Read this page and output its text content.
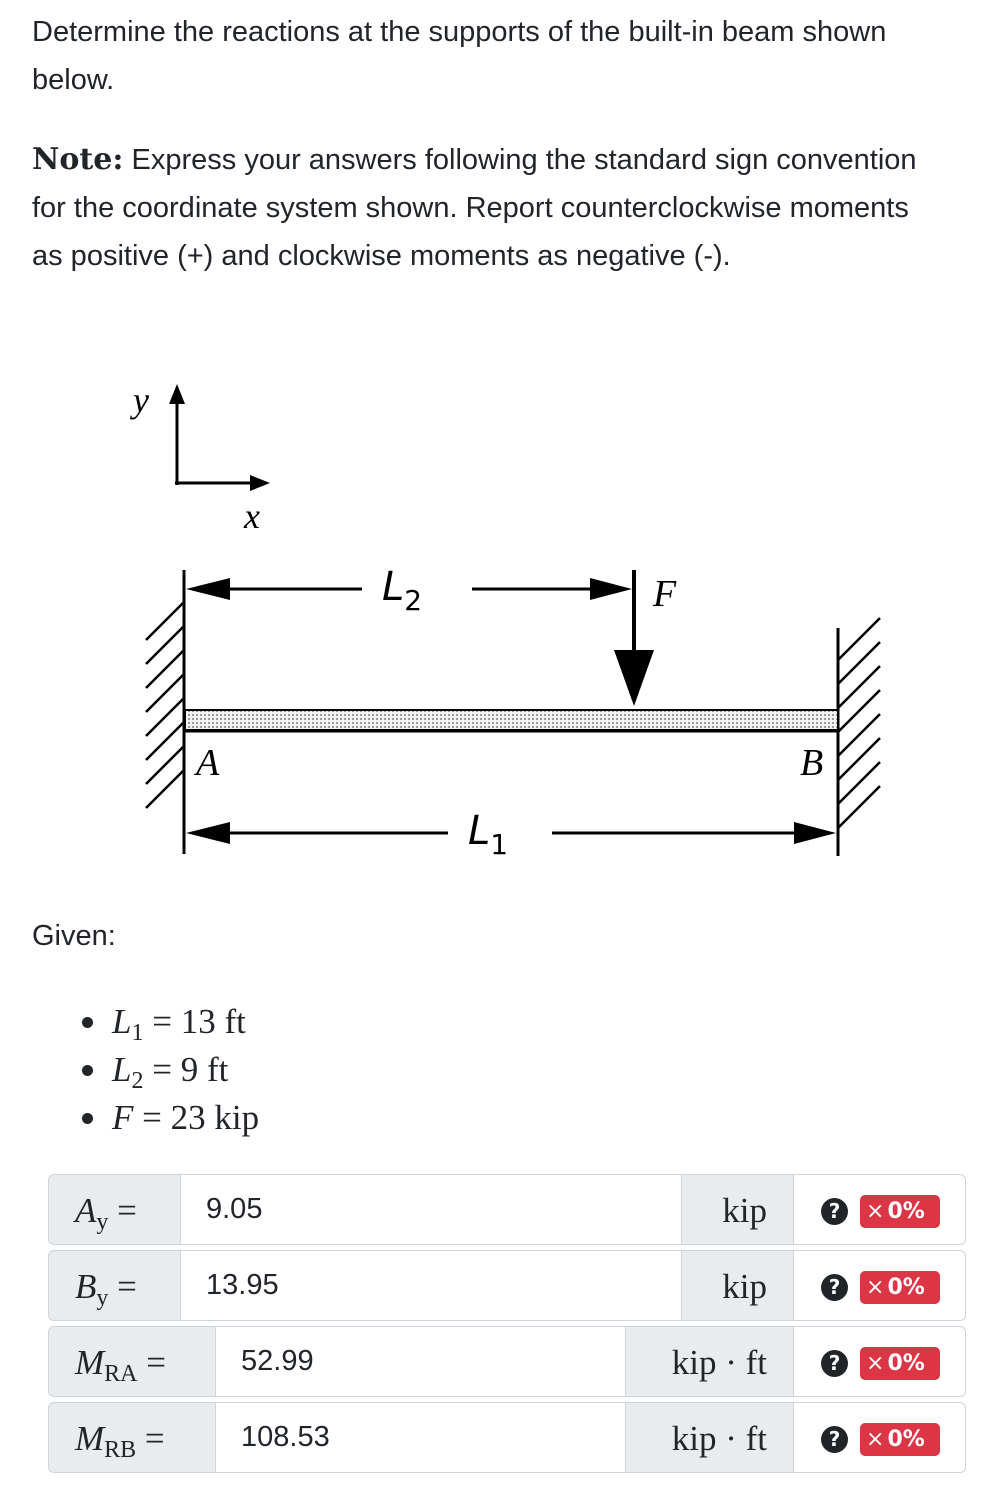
Determine the reactions at the supports of the built-in beam shown below.

Note: Express your answers following the standard sign convention for the coordinate system shown. Report counterclockwise moments as positive (+) and clockwise moments as negative (-).

y
x
F
$L_2$
A	B
$L_1$
Given:
$L_1 = 13$ ft
$L_2 = 9$ ft
F = 23 kip
$A_y$ =
9.05	kip	?	× 0%
$B_y$ =
13.95	kip	?	× 0%
$M_{RA}$ =
52.99	kip · ft	?	× 0%
$M_{RB}$ =
108.53	kip · ft	?	× 0%
